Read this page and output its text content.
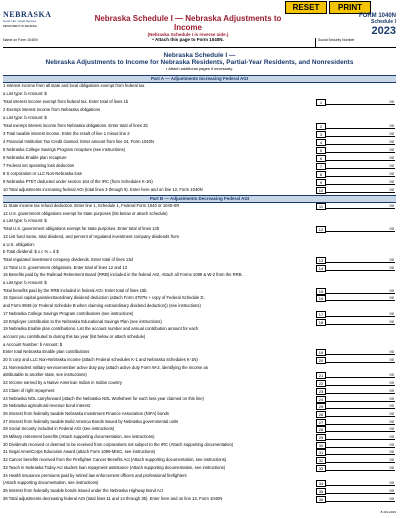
RESET	PRINT
NEBRASKA
Good Life. Great Service.
DEPARTMENT OF REVENUE
Nebraska Schedule I — Nebraska Adjustments to Income
(Nebraska Schedule I is reverse side.)
• Attach this page to Form 1040N.
FORM 1040N
Schedule I
2023
Name on Form 1040N	Social Security Number
Nebraska Schedule I —
Nebraska Adjustments to Income for Nebraska Residents, Partial-Year Residents, and Nonresidents
• Attach additional pages if necessary.
Part A — Adjustments Increasing Federal AGI
1 Interest income from all state and local obligations exempt from federal tax
a List type: b Amount: $
Total interest income exempt from federal tax. Enter total of lines 1b	1	00
2 Exempt interest income from Nebraska obligations
a List type: b Amount: $
Total exempt interest income from Nebraska obligations. Enter total of lines 2b	2	00
3 Total taxable interest income. Enter the result of line 1 minus line 2	3	00
4 Financial Institution Tax Credit claimed. Enter amount from line 24, Form 1040N	4	00
5 Nebraska College Savings Program recapture (see instructions)	5	00
6 Nebraska Enable plan recapture	6	00
7 Federal net operating loss deduction	7	00
8 S corporation or LLC Non-Nebraska loss	8	00
9 Nebraska PTET deducted under section 164 of the IRC (from Schedules K-1N)	9	00
10 Total adjustments increasing federal AGI (total lines 3 through 9). Enter here and on line 12, Form 1040N	10	00
Part B — Adjustments Decreasing Federal AGI
11 State income tax refund deduction. Enter line 1, Schedule 1, Federal Form 1040 or 1040-SR	11	00
12 U.S. government obligations exempt for state purposes (list below or attach schedule)
a List type: b Amount: $
Total U.S. government obligations exempt for state purposes. Enter total of lines 12b	12	00
13 List fund name, total dividend, and percent of regulated investment company dividends from
a U.S. obligation:
b Total dividend: $ x c % = d $
Total regulated investment company dividends. Enter total of lines 13d	13	00
14 Total U.S. government obligations. Enter total of lines 12 and 13	14	00
15 Benefits paid by the Railroad Retirement Board (RRB) included in the federal AGI. Attach all Forms 1099 & W-2 from the RRB.
a List type: b Amount: $
Total benefits paid by the RRB included in federal AGI. Enter total of lines 15b	15	00
16 Special capital gains/extraordinary dividend deduction (attach Form 4797N + copy of Federal Schedule D,	16	00
and Form 8949 (or Federal Schedule B when claiming extraordinary dividend deduction)) (see instructions)
17 Nebraska College Savings Program contributions (see instructions)	17	00
18 Employer contribution to the Nebraska Educational Savings Plan (see instructions)	18	00
19 Nebraska Enable plan contributions. List the account number and annual contribution amount for each
account you contributed to during this tax year (list below or attach schedule)
a Account Number: b Amount: $
Enter total Nebraska Enable plan contributions	19	00
20 S corp and LLC Non-Nebraska income (attach Federal schedules K-1 and Nebraska Schedules K-1N)	20	00
21 Nonresident military servicemember active duty pay (attach active duty Form W-2, identifying the income as
attributable to another state, see instructions)	21	00
22 Income earned by a Native American Indian in Indian country	22	00
23 Claim of right repayment	23	00
24 Nebraska NOL carryforward (attach the Nebraska NOL Worksheet for each loss year claimed on this line)	24	00
25 Nebraska agricultural revenue bond interest	25	00
26 Interest from federally taxable Nebraska Investment Finance Association (NIFA) bonds	26	00
27 Interest from federally taxable Build America Bonds issued by Nebraska governmental units	27	00
28 Social Security included in Federal AGI (see instructions)	28	00
29 Military retirement benefits (Attach supporting documentation, see instructions)	29	00
30 Dividends received or deemed to be received from corporations not subject to the IRC (Attach supporting documentation)	30	00
31 Segal AmeriCorps Education Award (attach Form 1099-MISC, see instructions)	31	00
32 Cancer benefits received from the Firefighter Cancer Benefits Act (Attach supporting documentation, see instructions)	32	00
33 Teach in Nebraska Today Act student loan repayment assistance (Attach supporting documentation, see instructions)	33	00
34 Health insurance premiums paid by retired law enforcement officers and professional firefighters
(Attach supporting documentation, see instructions)	34	00
35 Interest from federally taxable bonds issued under the Nebraska Highway Bond Act	35	00
36 Total adjustments decreasing federal AGI (total lines 11 and 14 through 35). Enter here and on line 13, Form 1040N	36	00
8-419-2023
